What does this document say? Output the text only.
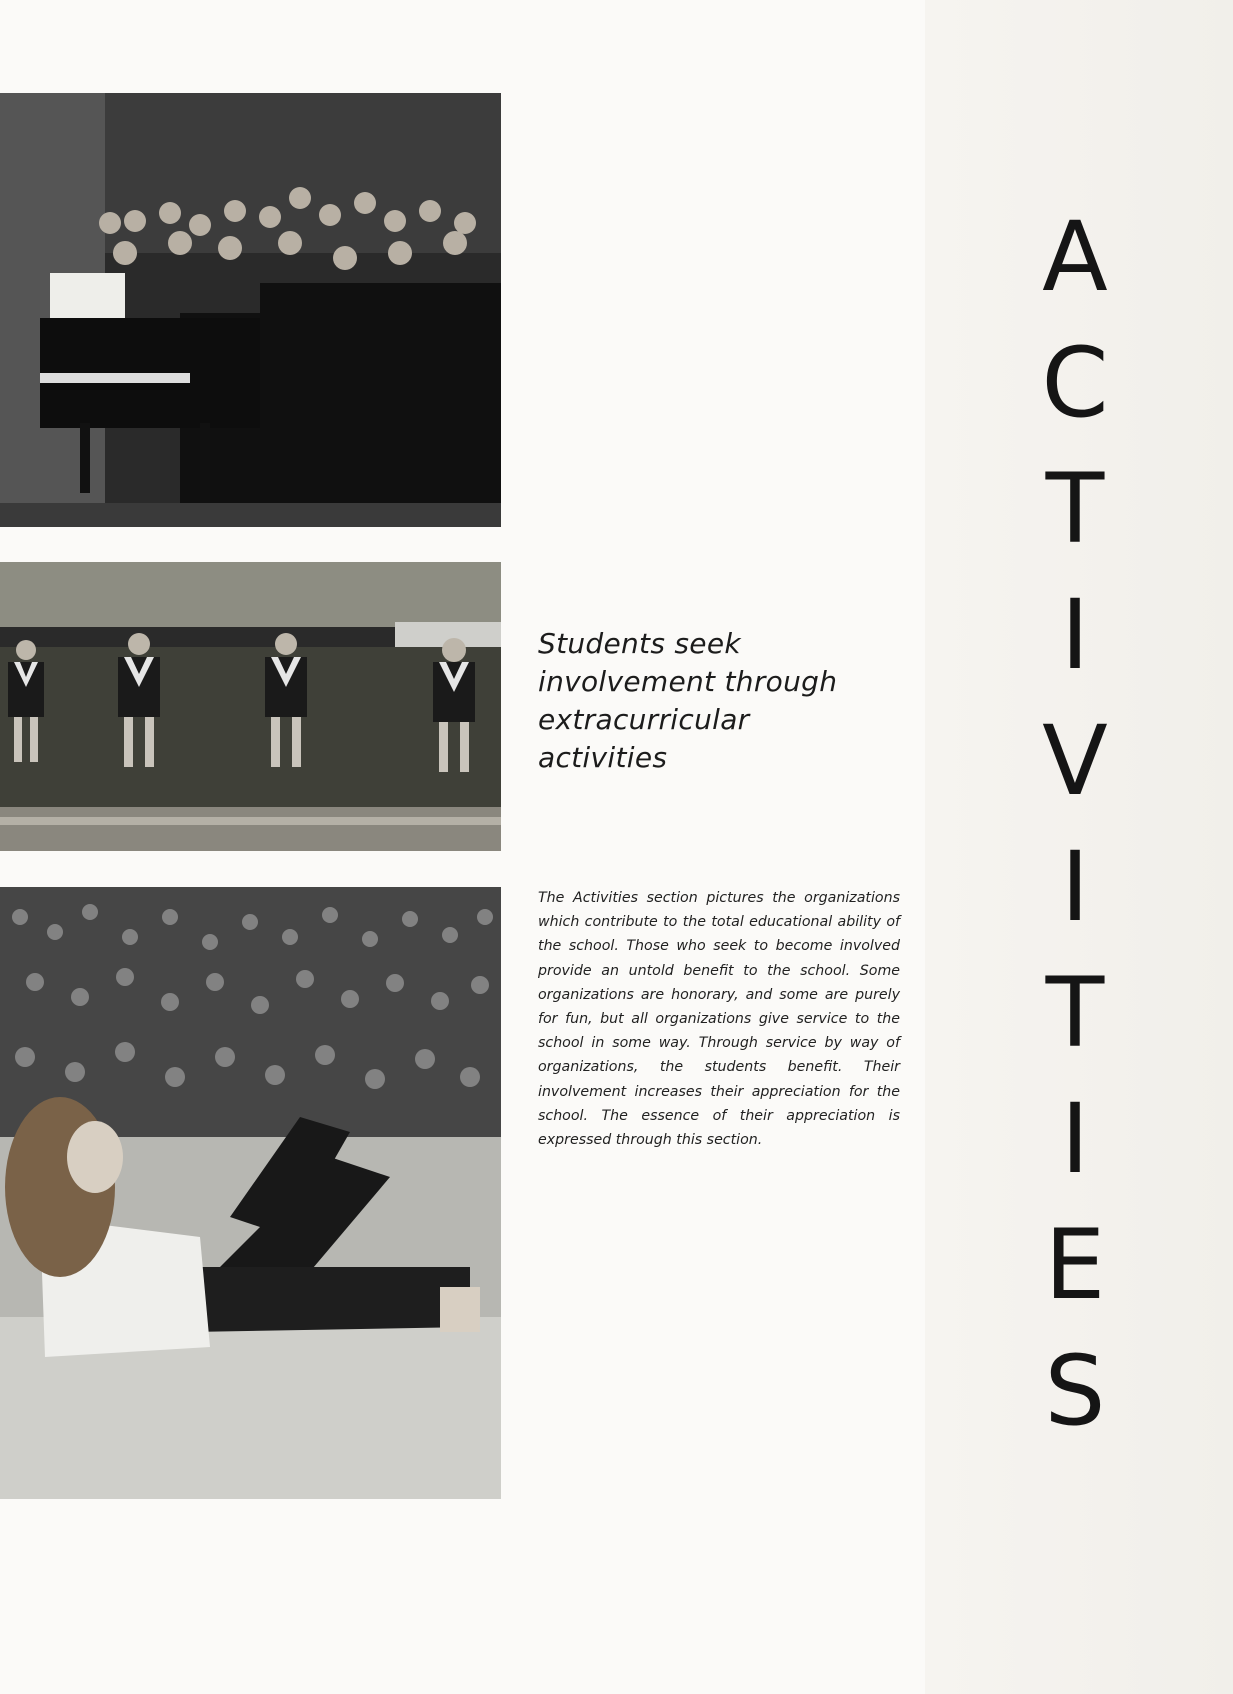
Students seek involvement through extracurricular activities

The Activities section pictures the organizations which contribute to the total educational ability of the school. Those who seek to become involved provide an untold benefit to the school. Some organizations are honorary, and some are purely for fun, but all organizations give service to the school in some way. Through service by way of organizations, the students benefit. Their involvement increases their appreciation for the school. The essence of their appreciation is expressed through this section.

A
C
T
I
V
I
T
I
E
S
